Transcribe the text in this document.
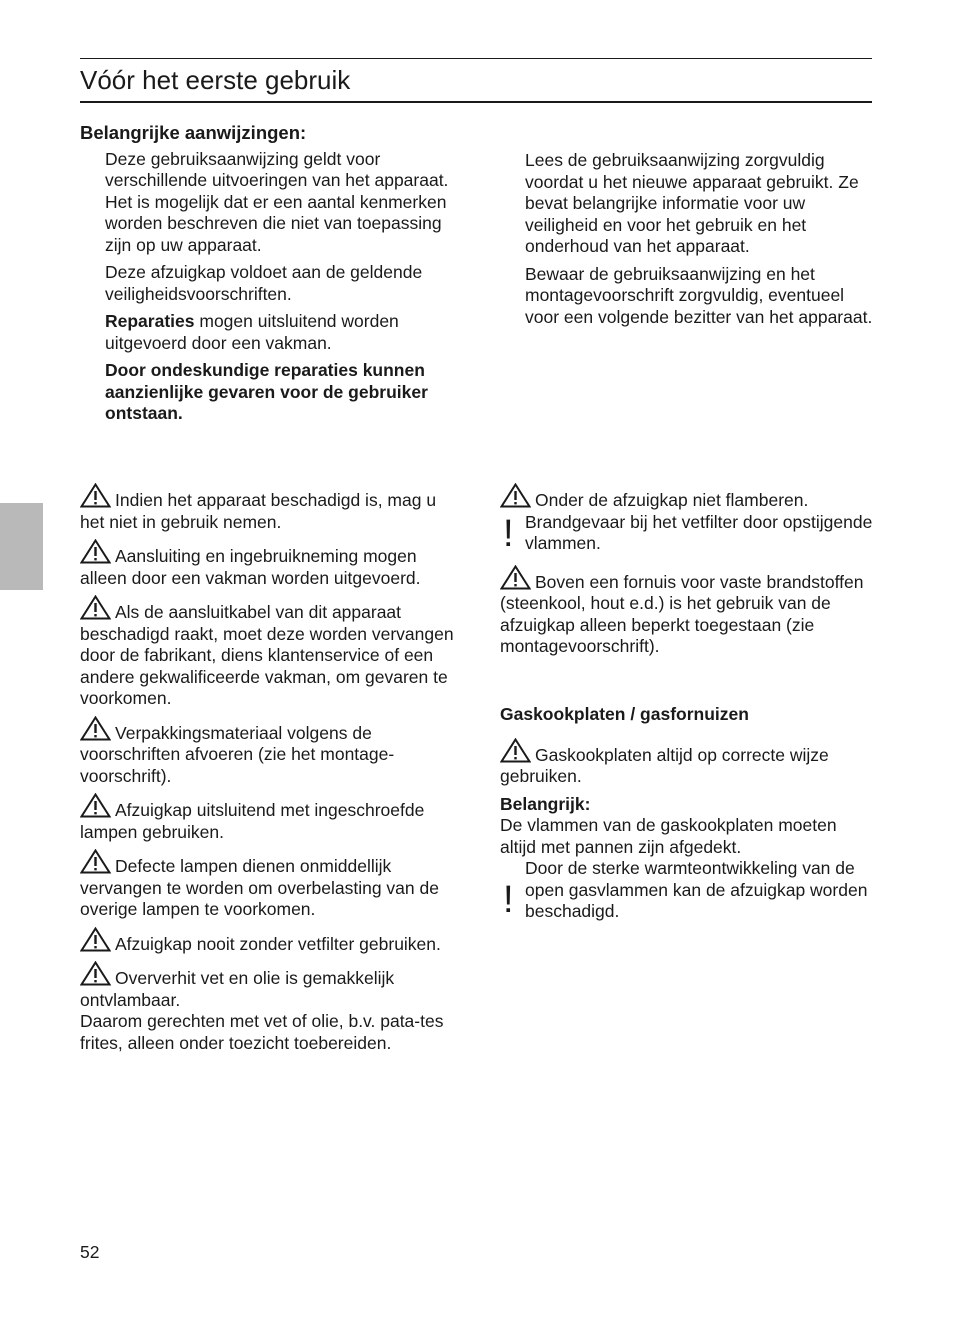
Vóór het eerste gebruik

Belangrijke aanwijzingen:

Deze gebruiksaanwijzing geldt voor verschillende uitvoeringen van het apparaat. Het is mogelijk dat er een aantal kenmerken worden beschreven die niet van toepassing zijn op uw apparaat.

Deze afzuigkap voldoet aan de geldende veiligheidsvoorschriften.

Reparaties mogen uitsluitend worden uitgevoerd door een vakman.

Door ondeskundige reparaties kunnen aanzienlijke gevaren voor de gebruiker ontstaan.

Lees de gebruiksaanwijzing zorgvuldig voordat u het nieuwe apparaat gebruikt. Ze bevat belangrijke informatie voor uw veiligheid en voor het gebruik en het onderhoud van het apparaat.

Bewaar de gebruiksaanwijzing en het montagevoorschrift zorgvuldig, eventueel voor een volgende bezitter van het apparaat.

Indien het apparaat beschadigd is, mag u het niet in gebruik nemen.

Aansluiting en ingebruikneming mogen alleen door een vakman worden uitgevoerd.

Als de aansluitkabel van dit apparaat beschadigd raakt, moet deze worden vervangen door de fabrikant, diens klantenservice of een andere gekwalificeerde vakman, om gevaren te voorkomen.

Verpakkingsmateriaal volgens de voorschriften afvoeren (zie het montage-voorschrift).

Afzuigkap uitsluitend met ingeschroefde lampen gebruiken.

Defecte lampen dienen onmiddellijk vervangen te worden om overbelasting van de overige lampen te voorkomen.

Afzuigkap nooit zonder vetfilter gebruiken.

Oververhit vet en olie is gemakkelijk ontvlambaar.

Daarom gerechten met vet of olie, b.v. pata-tes frites, alleen onder toezicht toebereiden.

Onder de afzuigkap niet flamberen.

Brandgevaar bij het vetfilter door opstijgende vlammen.

Boven een fornuis voor vaste brandstoffen (steenkool, hout e.d.) is het gebruik van de afzuigkap alleen beperkt toegestaan (zie montagevoorschrift).

!

Gaskookplaten / gasfornuizen

Gaskookplaten altijd op correcte wijze gebruiken.

Belangrijk:

De vlammen van de gaskookplaten moeten altijd met pannen zijn afgedekt.

Door de sterke warmteontwikkeling van de open gasvlammen kan de afzuigkap worden beschadigd.

!
52
